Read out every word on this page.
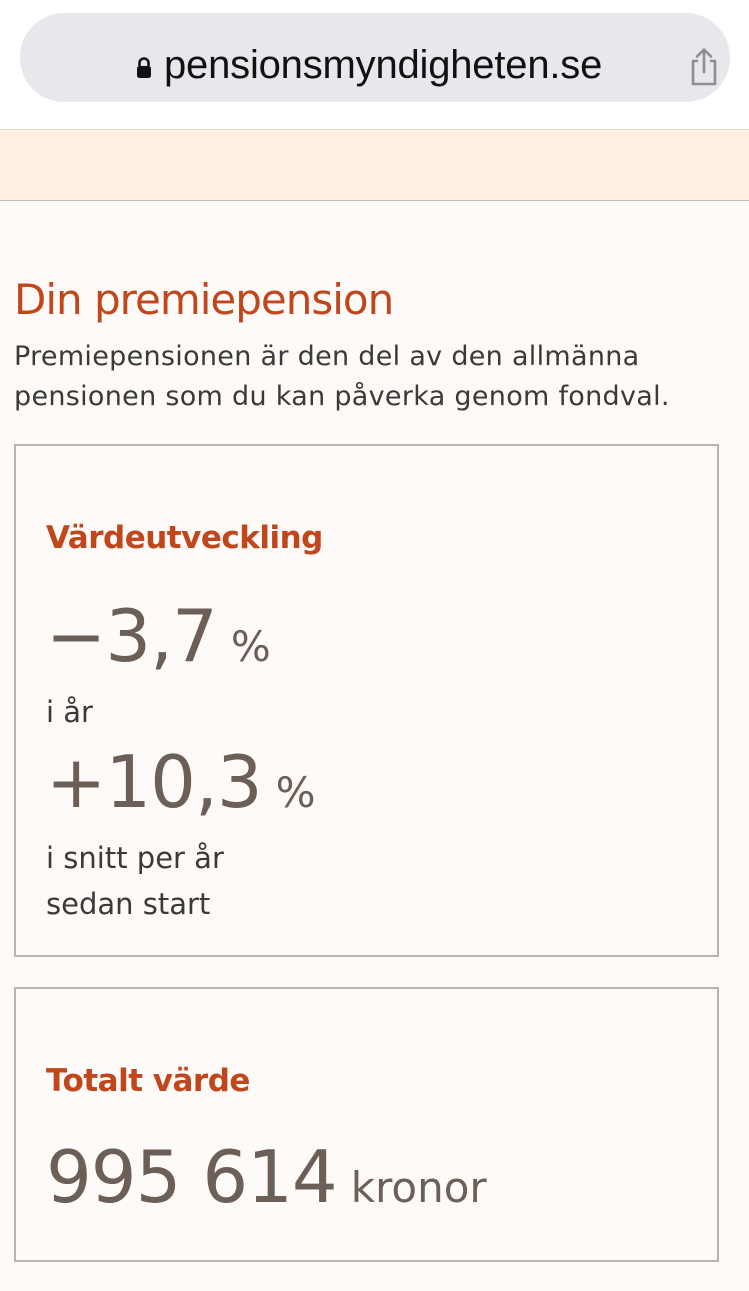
pensionsmyndigheten.se
Din premiepension
Premiepensionen är den del av den allmänna pensionen som du kan påverka genom fondval.
Värdeutveckling
−3,7 %
i år
+10,3 %
i snitt per år
sedan start
Totalt värde
995 614 kronor
